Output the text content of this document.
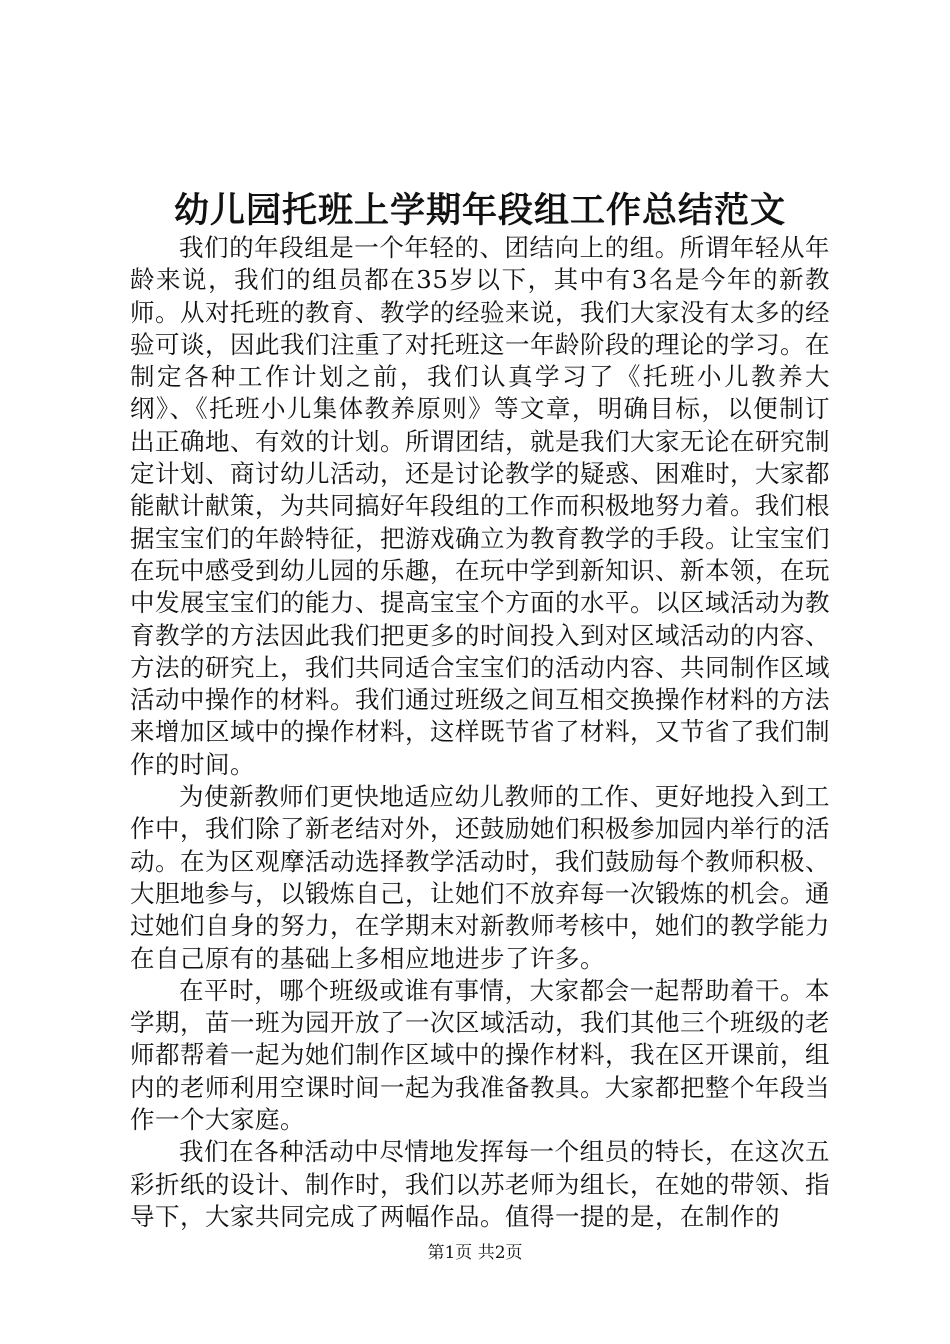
幼儿园托班上学期年段组工作总结范文

我们的年段组是一个年轻的、团结向上的组。所谓年轻从年龄来说，我们的组员都在35岁以下，其中有3名是今年的新教师。从对托班的教育、教学的经验来说，我们大家没有太多的经验可谈，因此我们注重了对托班这一年龄阶段的理论的学习。在制定各种工作计划之前，我们认真学习了《托班小儿教养大纲》、《托班小儿集体教养原则》等文章，明确目标，以便制订出正确地、有效的计划。所谓团结，就是我们大家无论在研究制定计划、商讨幼儿活动，还是讨论教学的疑惑、困难时，大家都能献计献策，为共同搞好年段组的工作而积极地努力着。我们根据宝宝们的年龄特征，把游戏确立为教育教学的手段。让宝宝们在玩中感受到幼儿园的乐趣，在玩中学到新知识、新本领，在玩中发展宝宝们的能力、提高宝宝个方面的水平。以区域活动为教育教学的方法因此我们把更多的时间投入到对区域活动的内容、方法的研究上，我们共同适合宝宝们的活动内容、共同制作区域活动中操作的材料。我们通过班级之间互相交换操作材料的方法来增加区域中的操作材料，这样既节省了材料，又节省了我们制作的时间。

为使新教师们更快地适应幼儿教师的工作、更好地投入到工作中，我们除了新老结对外，还鼓励她们积极参加园内举行的活动。在为区观摩活动选择教学活动时，我们鼓励每个教师积极、大胆地参与，以锻炼自己，让她们不放弃每一次锻炼的机会。通过她们自身的努力，在学期末对新教师考核中，她们的教学能力在自己原有的基础上多相应地进步了许多。

在平时，哪个班级或谁有事情，大家都会一起帮助着干。本学期，苗一班为园开放了一次区域活动，我们其他三个班级的老师都帮着一起为她们制作区域中的操作材料，我在区开课前，组内的老师利用空课时间一起为我准备教具。大家都把整个年段当作一个大家庭。

我们在各种活动中尽情地发挥每一个组员的特长，在这次五彩折纸的设计、制作时，我们以苏老师为组长，在她的带领、指导下，大家共同完成了两幅作品。值得一提的是，在制作的

第1页 共2页
